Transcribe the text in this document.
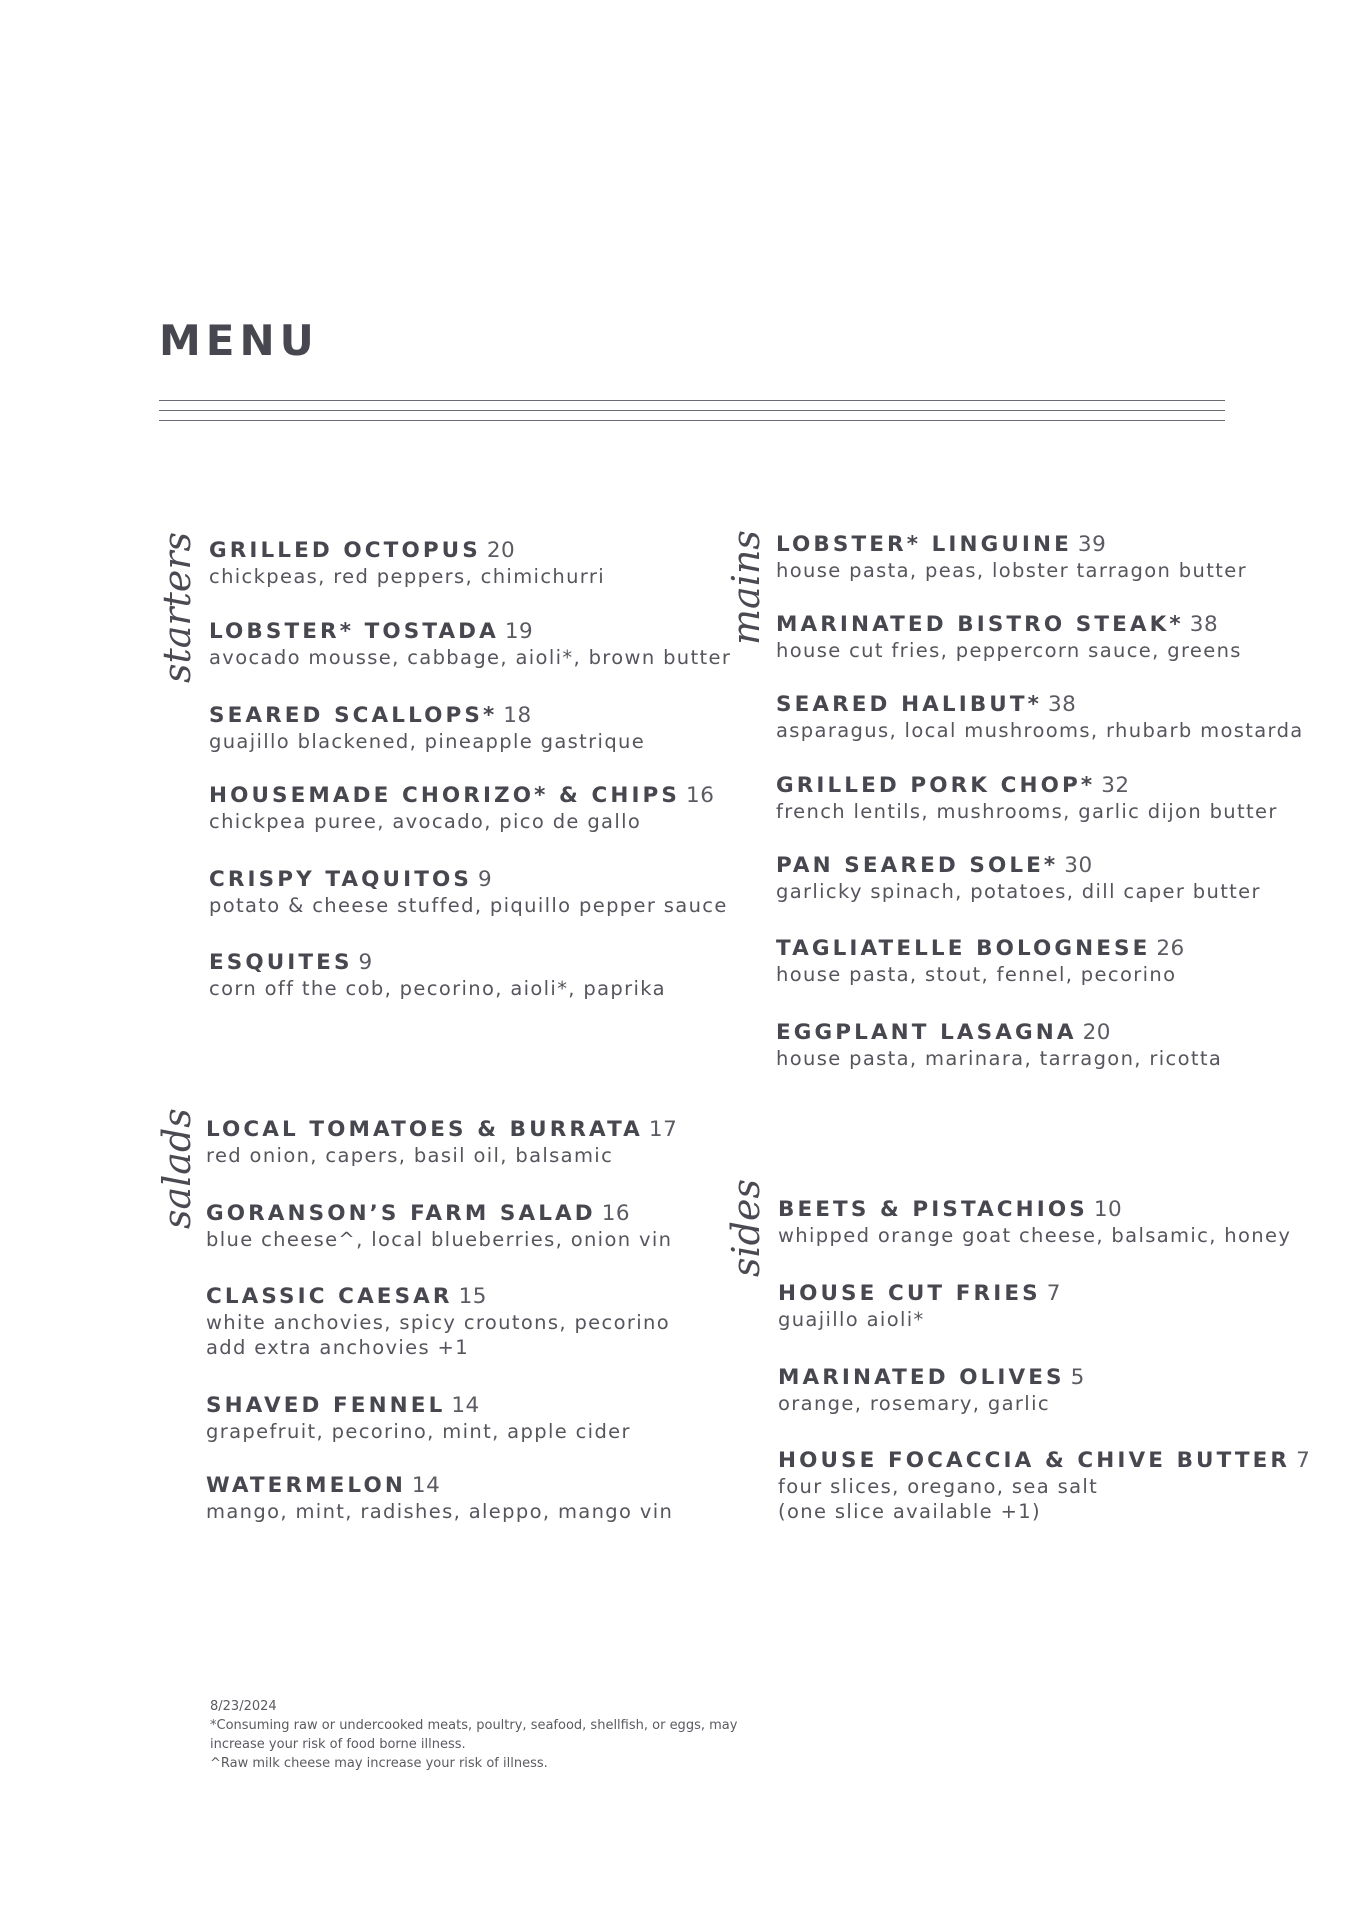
MENU
starters GRILLED OCTOPUS 20
chickpeas, red peppers, chimichurri
LOBSTER* TOSTADA 19
avocado mousse, cabbage, aioli*, brown butter
SEARED SCALLOPS* 18
guajillo blackened, pineapple gastrique
HOUSEMADE CHORIZO* & CHIPS 16
chickpea puree, avocado, pico de gallo
CRISPY TAQUITOS 9
potato & cheese stuffed, piquillo pepper sauce
ESQUITES 9
corn off the cob, pecorino, aioli*, paprika
mains LOBSTER* LINGUINE 39
house pasta, peas, lobster tarragon butter
MARINATED BISTRO STEAK* 38
house cut fries, peppercorn sauce, greens
SEARED HALIBUT* 38
asparagus, local mushrooms, rhubarb mostarda
GRILLED PORK CHOP* 32
french lentils, mushrooms, garlic dijon butter
PAN SEARED SOLE* 30
garlicky spinach, potatoes, dill caper butter
TAGLIATELLE BOLOGNESE 26
house pasta, stout, fennel, pecorino
EGGPLANT LASAGNA 20
house pasta, marinara, tarragon, ricotta
salads LOCAL TOMATOES & BURRATA 17
red onion, capers, basil oil, balsamic
GORANSON’S FARM SALAD 16
blue cheese^, local blueberries, onion vin
CLASSIC CAESAR 15
white anchovies, spicy croutons, pecorino
add extra anchovies +1
SHAVED FENNEL 14
grapefruit, pecorino, mint, apple cider
WATERMELON 14
mango, mint, radishes, aleppo, mango vin
sides BEETS & PISTACHIOS 10
whipped orange goat cheese, balsamic, honey
HOUSE CUT FRIES 7
guajillo aioli*
MARINATED OLIVES 5
orange, rosemary, garlic
HOUSE FOCACCIA & CHIVE BUTTER 7
four slices, oregano, sea salt
(one slice available +1)
8/23/2024
*Consuming raw or undercooked meats, poultry, seafood, shellfish, or eggs, may
increase your risk of food borne illness.
^Raw milk cheese may increase your risk of illness.
